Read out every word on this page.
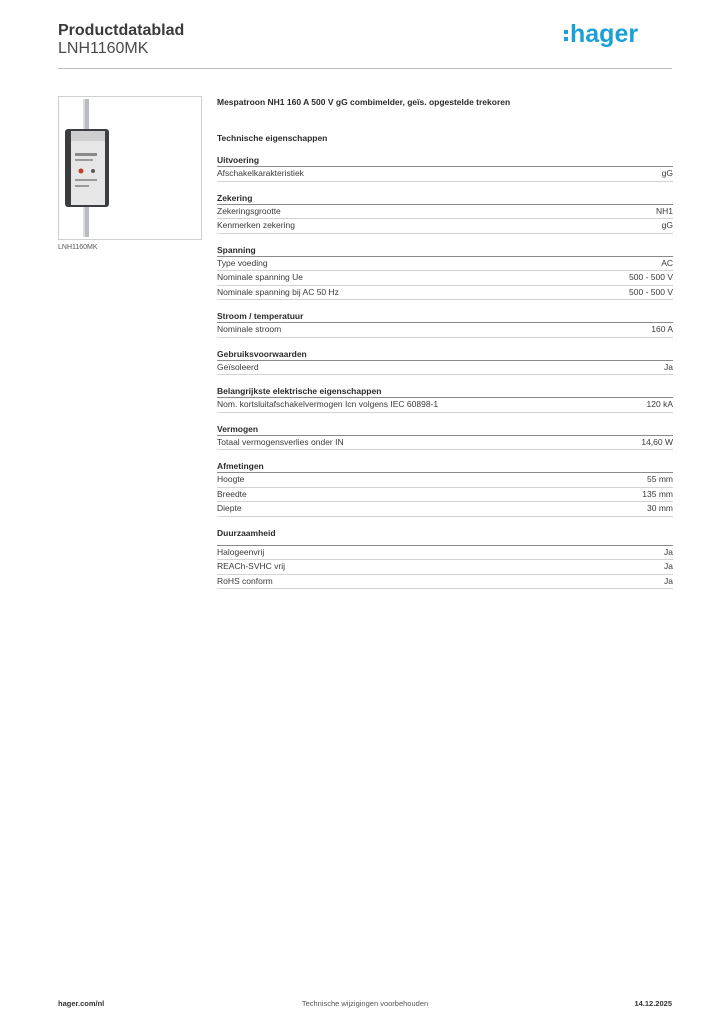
Productdatablad
LNH1160MK
hager
LNH1160MK
Mespatroon NH1 160 A 500 V gG combimelder, geïs. opgestelde trekoren
Technische eigenschappen
Uitvoering
Afschakelkarakteristiek	gG
Zekering
Zekeringsgrootte	NH1
Kenmerken zekering	gG
Spanning
Type voeding	AC
Nominale spanning Ue	500 - 500 V
Nominale spanning bij AC 50 Hz	500 - 500 V
Stroom / temperatuur
Nominale stroom	160 A
Gebruiksvoorwaarden
Geïsoleerd	Ja
Belangrijkste elektrische eigenschappen
Nom. kortsluitafschakelvermogen Icn volgens IEC 60898-1	120 kA
Vermogen
Totaal vermogensverlies onder IN	14,60 W
Afmetingen
Hoogte	55 mm
Breedte	135 mm
Diepte	30 mm
Duurzaamheid
Halogeenvrij	Ja
REACh-SVHC vrij	Ja
RoHS conform	Ja
hager.com/nl	Technische wijzigingen voorbehouden	14.12.2025
